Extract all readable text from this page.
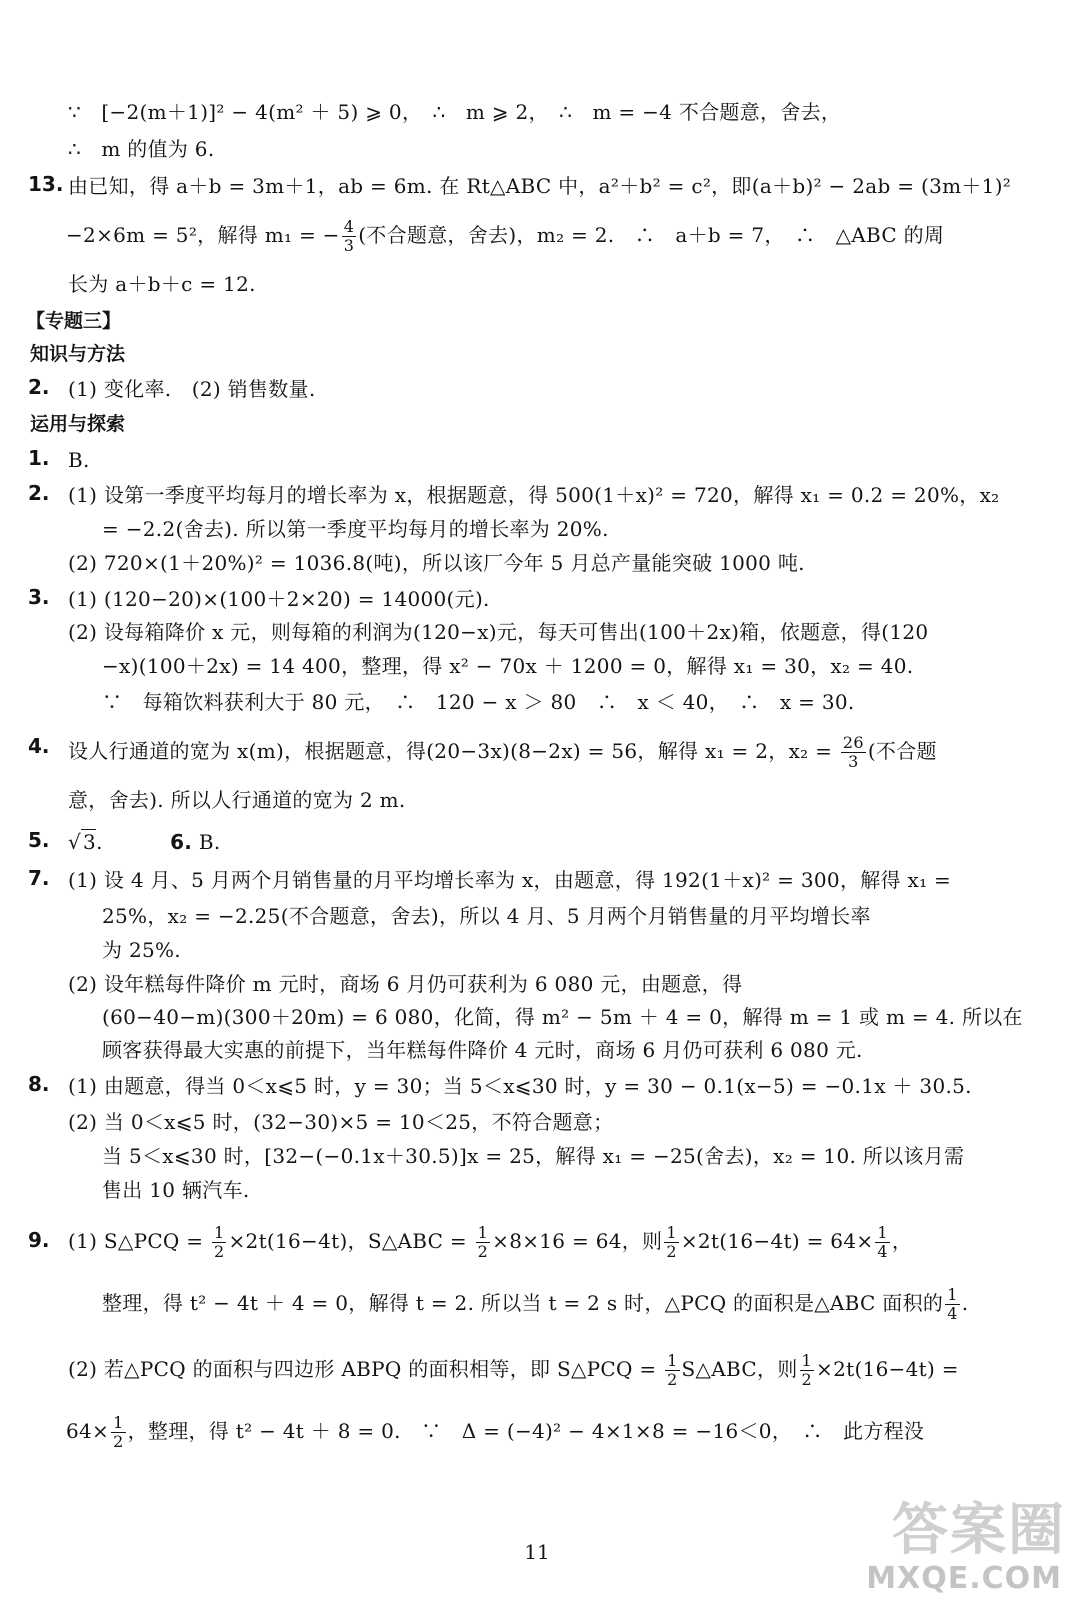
∵　[−2(m＋1)]² − 4(m² ＋ 5) ⩾ 0，　∴　m ⩾ 2，　∴　m = −4 不合题意，舍去，
∴　m 的值为 6.
13. 由已知，得 a＋b = 3m＋1，ab = 6m. 在 Rt△ABC 中，a²＋b² = c²，即(a＋b)² − 2ab = (3m＋1)²
−2×6m = 5²，解得 m₁ = − $\frac{4}{3}$ (不合题意，舍去)，m₂ = 2.　∴　a＋b = 7，　∴　△ABC 的周
长为 a＋b＋c = 12.
【专题三】
知识与方法
2. (1) 变化率.　(2) 销售数量.
运用与探索
1. B.
2. (1) 设第一季度平均每月的增长率为 x，根据题意，得 500(1＋x)² = 720，解得 x₁ = 0.2 = 20%，x₂
= −2.2(舍去). 所以第一季度平均每月的增长率为 20%.
(2) 720×(1＋20%)² = 1036.8(吨)，所以该厂今年 5 月总产量能突破 1000 吨.
3. (1) (120−20)×(100＋2×20) = 14000(元).
(2) 设每箱降价 x 元，则每箱的利润为(120−x)元，每天可售出(100＋2x)箱，依题意，得(120
−x)(100＋2x) = 14 400，整理，得 x² − 70x ＋ 1200 = 0，解得 x₁ = 30，x₂ = 40.
∵　每箱饮料获利大于 80 元，　∴　120 − x ＞ 80　∴　x ＜ 40，　∴　x = 30.
4. 设人行通道的宽为 x(m)，根据题意，得(20−3x)(8−2x) = 56，解得 x₁ = 2，$x_2 = \frac{26}{3}$ (不合题
意，舍去). 所以人行通道的宽为 2 m.
5. √ 3.	6. B.
7. (1) 设 4 月、5 月两个月销售量的月平均增长率为 x，由题意，得 192(1＋x)² = 300，解得 x₁ =
25%，x₂ = −2.25(不合题意，舍去)，所以 4 月、5 月两个月销售量的月平均增长率
为 25%.
(2) 设年糕每件降价 m 元时，商场 6 月仍可获利为 6 080 元，由题意，得
(60−40−m)(300＋20m) = 6 080，化简，得 m² − 5m ＋ 4 = 0，解得 m = 1 或 m = 4. 所以在
顾客获得最大实惠的前提下，当年糕每件降价 4 元时，商场 6 月仍可获利 6 080 元.
8. (1) 由题意，得当 0＜x⩽5 时，y = 30；当 5＜x⩽30 时，y = 30 − 0.1(x−5) = −0.1x ＋ 30.5.
(2) 当 0＜x⩽5 时，(32−30)×5 = 10＜25，不符合题意；
当 5＜x⩽30 时，[32−(−0.1x＋30.5)]x = 25，解得 x₁ = −25(舍去)，x₂ = 10. 所以该月需
售出 10 辆汽车.
9. (1) S△PCQ = $\frac{1}{2} \times 2t(16-4t)$，S△ABC = $\frac{1}{2} \times 8\times 16 = 64$，则 $\frac{1}{2} \times 2t(16-4t) = 64\times \frac{1}{4}$ ，
整理，得 t² − 4t ＋ 4 = 0，解得 t = 2. 所以当 t = 2 s 时，△PCQ 的面积是△ABC 面积的 $\frac{1}{4}$ .
(2) 若△PCQ 的面积与四边形 ABPQ 的面积相等，即 S△PCQ = $\frac{1}{2}$ S△ABC，则 $\frac{1}{2} \times 2t(16-4t)$ =
$64\times \frac{1}{2}$ ，整理，得 t² − 4t ＋ 8 = 0.　∵　Δ = (−4)² − 4×1×8 = −16＜0，　∴　此方程没
11	答案圈
MXQE.COM
